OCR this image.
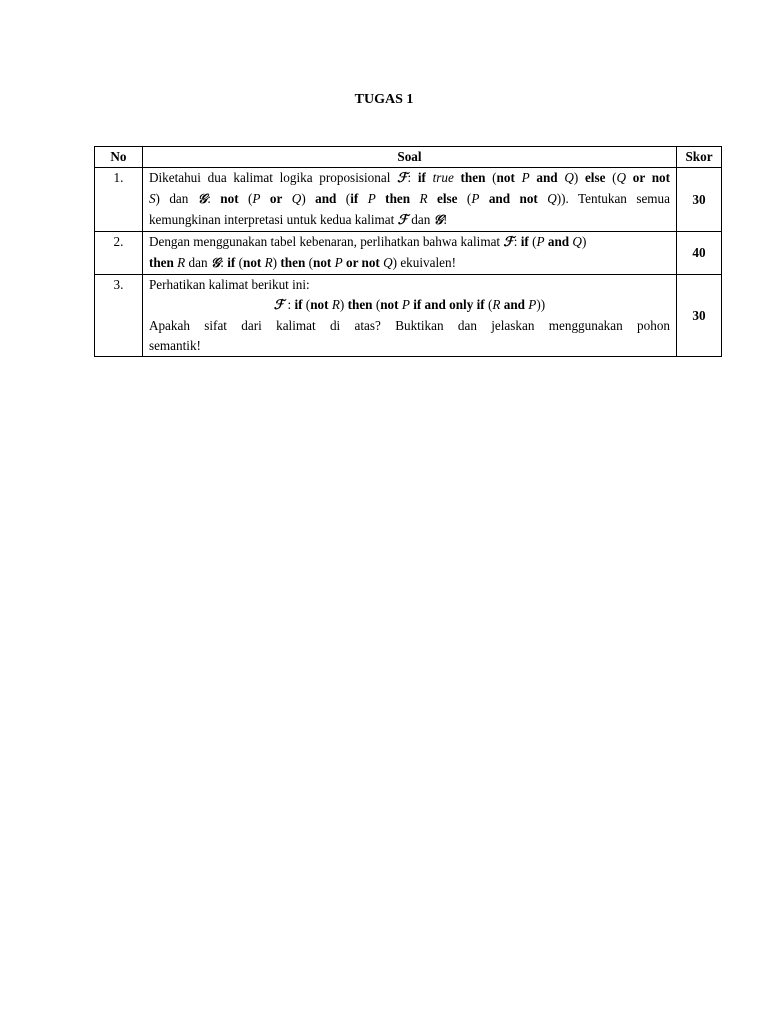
TUGAS 1
No	Soal	Skor
1.	Diketahui dua kalimat logika proposisional ℱ: if true then (not P and Q) else (Q or not
S) dan 𝒢: not (P or Q) and (if P then R else (P and not Q)). Tentukan semua
kemungkinan interpretasi untuk kedua kalimat ℱ dan 𝒢!	30
2.	Dengan menggunakan tabel kebenaran, perlihatkan bahwa kalimat ℱ: if (P and Q)
then R dan 𝒢: if (not R) then (not P or not Q) ekuivalen!	40
3.	Perhatikan kalimat berikut ini:
ℱ : if (not R) then (not P if and only if (R and P))
Apakah sifat dari kalimat di atas? Buktikan dan jelaskan menggunakan pohon
semantik!	30
